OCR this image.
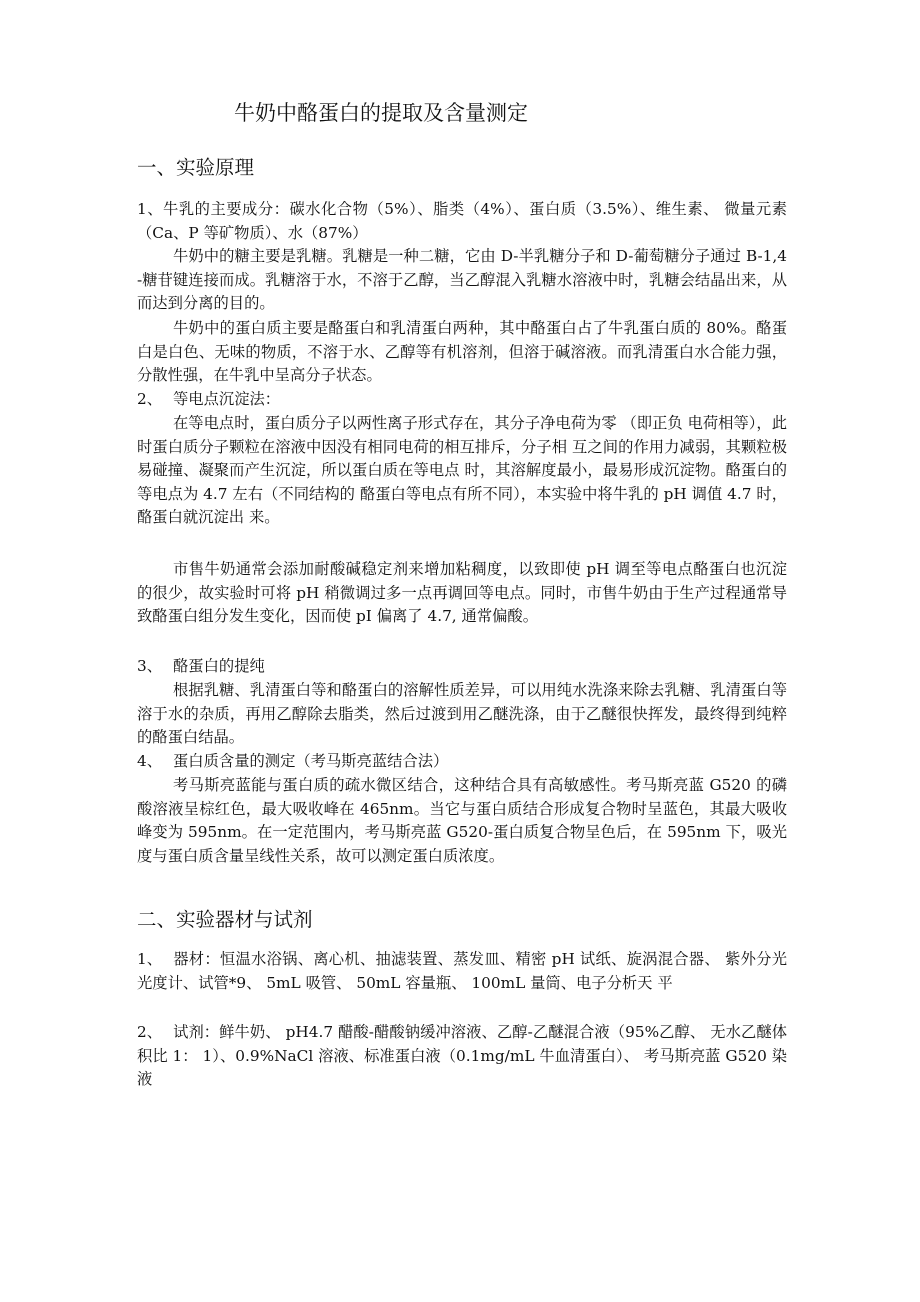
牛奶中酪蛋白的提取及含量测定
一、实验原理

1、牛乳的主要成分：碳水化合物（5%）、脂类（4%）、蛋白质（3.5%）、维生素、 微量元素（Ca、P 等矿物质）、水（87%）

牛奶中的糖主要是乳糖。乳糖是一种二糖，它由 D-半乳糖分子和 D-葡萄糖分子通过 B-1,4-糖苷键连接而成。乳糖溶于水，不溶于乙醇，当乙醇混入乳糖水溶液中时，乳糖会结晶出来，从而达到分离的目的。

牛奶中的蛋白质主要是酪蛋白和乳清蛋白两种，其中酪蛋白占了牛乳蛋白质的 80%。酪蛋白是白色、无味的物质，不溶于水、乙醇等有机溶剂，但溶于碱溶液。而乳清蛋白水合能力强，分散性强，在牛乳中呈高分子状态。

2、 等电点沉淀法：

在等电点时，蛋白质分子以两性离子形式存在，其分子净电荷为零 （即正负 电荷相等），此时蛋白质分子颗粒在溶液中因没有相同电荷的相互排斥，分子相 互之间的作用力减弱，其颗粒极易碰撞、凝聚而产生沉淀，所以蛋白质在等电点 时，其溶解度最小，最易形成沉淀物。酪蛋白的等电点为 4.7 左右（不同结构的 酪蛋白等电点有所不同），本实验中将牛乳的 pH 调值 4.7 时，酪蛋白就沉淀出 来。

市售牛奶通常会添加耐酸碱稳定剂来增加粘稠度，以致即使 pH 调至等电点酪蛋白也沉淀的很少，故实验时可将 pH 稍微调过多一点再调回等电点。同时，市售牛奶由于生产过程通常导致酪蛋白组分发生变化，因而使 pI 偏离了 4.7, 通常偏酸。

3、 酪蛋白的提纯

根据乳糖、乳清蛋白等和酪蛋白的溶解性质差异，可以用纯水洗涤来除去乳糖、乳清蛋白等溶于水的杂质，再用乙醇除去脂类，然后过渡到用乙醚洗涤，由于乙醚很快挥发，最终得到纯粹的酪蛋白结晶。

4、 蛋白质含量的测定（考马斯亮蓝结合法）

考马斯亮蓝能与蛋白质的疏水微区结合，这种结合具有高敏感性。考马斯亮蓝 G520 的磷酸溶液呈棕红色，最大吸收峰在 465nm。当它与蛋白质结合形成复合物时呈蓝色，其最大吸收峰变为 595nm。在一定范围内，考马斯亮蓝 G520-蛋白质复合物呈色后，在 595nm 下，吸光度与蛋白质含量呈线性关系，故可以测定蛋白质浓度。

二、实验器材与试剂

1、 器材：恒温水浴锅、离心机、抽滤装置、蒸发皿、精密 pH 试纸、旋涡混合器、 紫外分光光度计、试管*9、 5mL 吸管、 50mL 容量瓶、 100mL 量筒、电子分析天 平

2、 试剂：鲜牛奶、 pH4.7 醋酸-醋酸钠缓冲溶液、乙醇-乙醚混合液（95%乙醇、 无水乙醚体积比 1： 1）、0.9%NaCl 溶液、标准蛋白液（0.1mg/mL 牛血清蛋白）、 考马斯亮蓝 G520 染液
